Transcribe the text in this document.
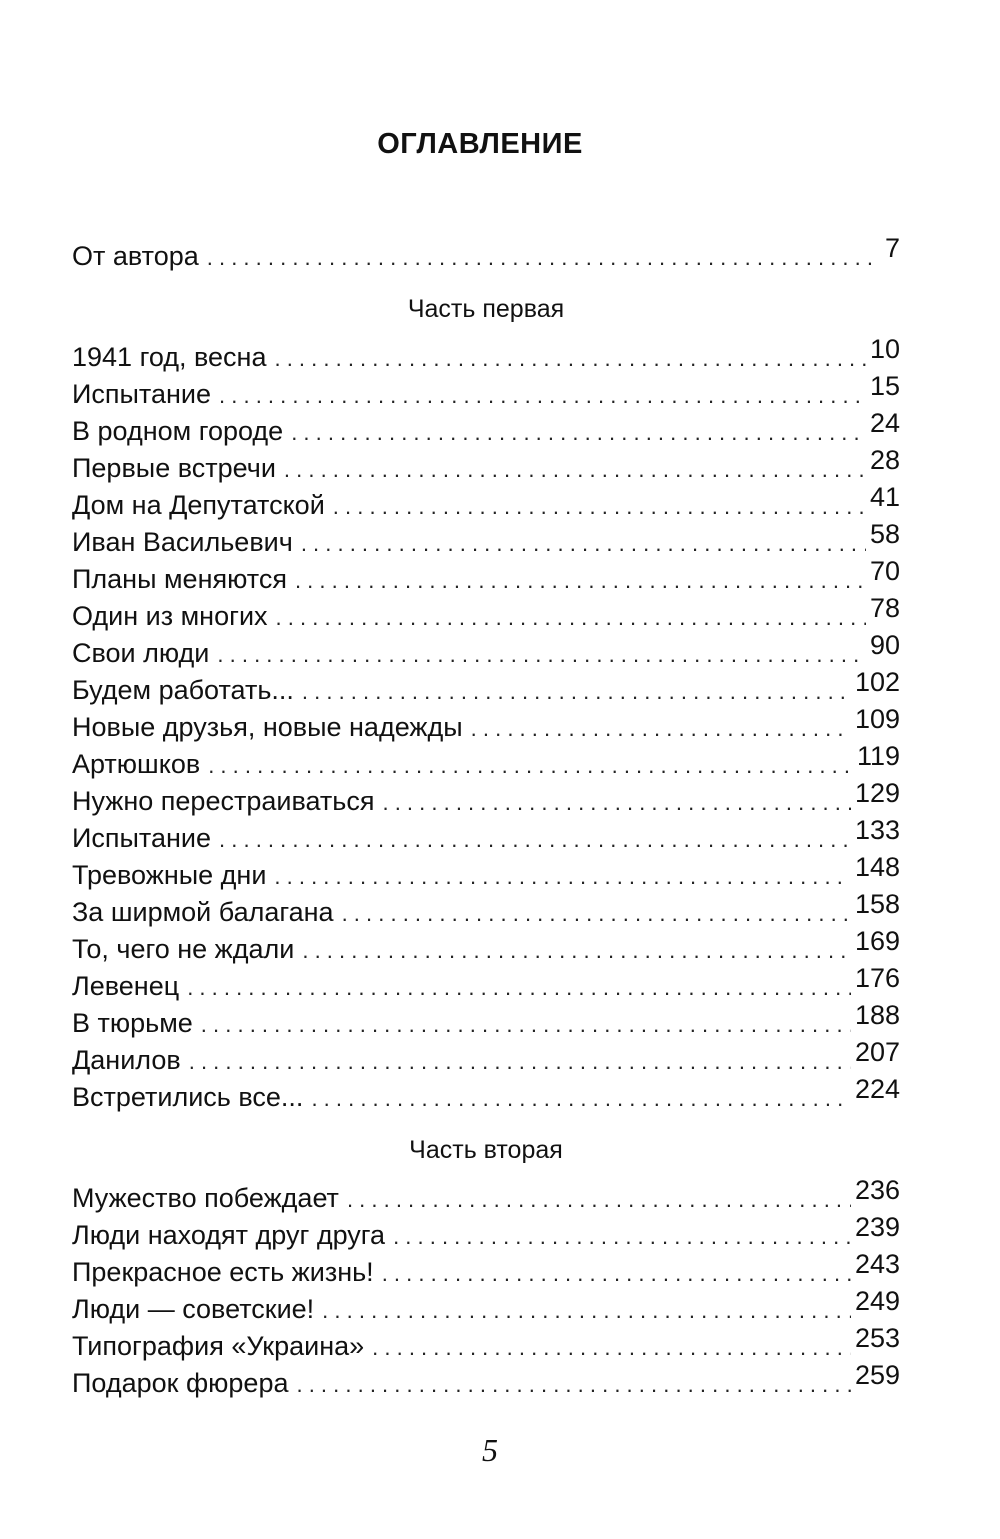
ОГЛАВЛЕНИЕ
От автора . . .	7
Часть первая
1941 год, весна . . .	10
Испытание . . .	15
В родном городе . . .	24
Первые встречи . . .	28
Дом на Депутатской . . .	41
Иван Васильевич . . .	58
Планы меняются . . .	70
Один из многих . . .	78
Свои люди . . .	90
Будем работать... . . .	102
Новые друзья, новые надежды . . .	109
Артюшков . . .	119
Нужно перестраиваться . . .	129
Испытание . . .	133
Тревожные дни . . .	148
За ширмой балагана . . .	158
То, чего не ждали . . .	169
Левенец . . .	176
В тюрьме . . .	188
Данилов . . .	207
Встретились все... . . .	224
Часть вторая
Мужество побеждает . . .	236
Люди находят друг друга . . .	239
Прекрасное есть жизнь! . . .	243
Люди — советские! . . .	249
Типография «Украина» . . .	253
Подарок фюрера . . .	259
5
